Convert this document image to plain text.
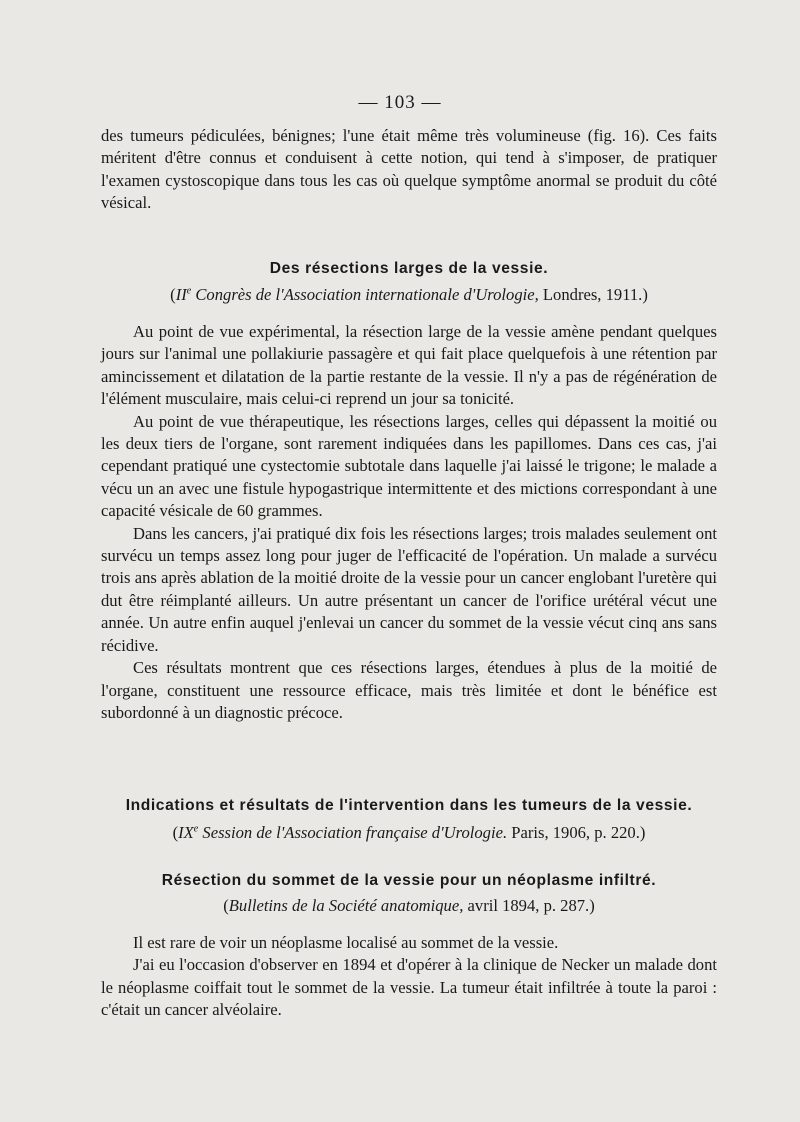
— 103 —

des tumeurs pédiculées, bénignes; l'une était même très volumineuse (fig. 16). Ces faits méritent d'être connus et conduisent à cette notion, qui tend à s'imposer, de pratiquer l'examen cystoscopique dans tous les cas où quelque symptôme anormal se produit du côté vésical.

Des résections larges de la vessie.

(IIe Congrès de l'Association internationale d'Urologie, Londres, 1911.)

Au point de vue expérimental, la résection large de la vessie amène pendant quelques jours sur l'animal une pollakiurie passagère et qui fait place quelquefois à une rétention par amincissement et dilatation de la partie restante de la vessie. Il n'y a pas de régénération de l'élément musculaire, mais celui-ci reprend un jour sa tonicité.

Au point de vue thérapeutique, les résections larges, celles qui dépassent la moitié ou les deux tiers de l'organe, sont rarement indiquées dans les papillomes. Dans ces cas, j'ai cependant pratiqué une cystectomie subtotale dans laquelle j'ai laissé le trigone; le malade a vécu un an avec une fistule hypogastrique intermittente et des mictions correspondant à une capacité vésicale de 60 grammes.

Dans les cancers, j'ai pratiqué dix fois les résections larges; trois malades seulement ont survécu un temps assez long pour juger de l'efficacité de l'opération. Un malade a survécu trois ans après ablation de la moitié droite de la vessie pour un cancer englobant l'uretère qui dut être réimplanté ailleurs. Un autre présentant un cancer de l'orifice urétéral vécut une année. Un autre enfin auquel j'enlevai un cancer du sommet de la vessie vécut cinq ans sans récidive.

Ces résultats montrent que ces résections larges, étendues à plus de la moitié de l'organe, constituent une ressource efficace, mais très limitée et dont le bénéfice est subordonné à un diagnostic précoce.

Indications et résultats de l'intervention dans les tumeurs de la vessie.

(IXe Session de l'Association française d'Urologie. Paris, 1906, p. 220.)

Résection du sommet de la vessie pour un néoplasme infiltré.

(Bulletins de la Société anatomique, avril 1894, p. 287.)

Il est rare de voir un néoplasme localisé au sommet de la vessie.

J'ai eu l'occasion d'observer en 1894 et d'opérer à la clinique de Necker un malade dont le néoplasme coiffait tout le sommet de la vessie. La tumeur était infiltrée à toute la paroi : c'était un cancer alvéolaire.
